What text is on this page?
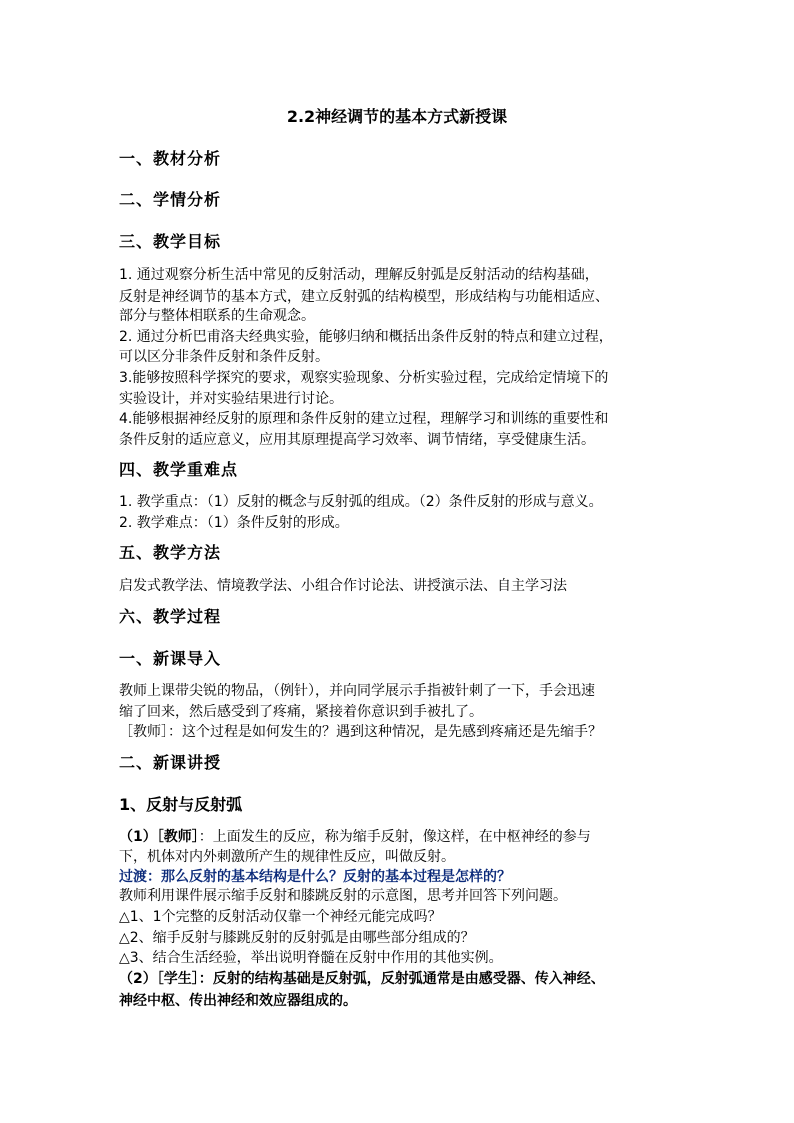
2.2神经调节的基本方式新授课
一、教材分析
二、学情分析
三、教学目标
1. 通过观察分析生活中常见的反射活动，理解反射弧是反射活动的结构基础，
反射是神经调节的基本方式，建立反射弧的结构模型，形成结构与功能相适应、
部分与整体相联系的生命观念。
2. 通过分析巴甫洛夫经典实验，能够归纳和概括出条件反射的特点和建立过程，
可以区分非条件反射和条件反射。
3.能够按照科学探究的要求，观察实验现象、分析实验过程，完成给定情境下的
实验设计，并对实验结果进行讨论。
4.能够根据神经反射的原理和条件反射的建立过程，理解学习和训练的重要性和
条件反射的适应意义，应用其原理提高学习效率、调节情绪，享受健康生活。
四、教学重难点
1. 教学重点：（1）反射的概念与反射弧的组成。（2）条件反射的形成与意义。
2. 教学难点：（1）条件反射的形成。
五、教学方法
启发式教学法、情境教学法、小组合作讨论法、讲授演示法、自主学习法
六、教学过程
一、新课导入
教师上课带尖锐的物品，（例针），并向同学展示手指被针刺了一下，手会迅速
缩了回来，然后感受到了疼痛，紧接着你意识到手被扎了。
［教师］：这个过程是如何发生的？遇到这种情况，是先感到疼痛还是先缩手？
二、新课讲授
1、反射与反射弧
（1）［教师］：上面发生的反应，称为缩手反射，像这样，在中枢神经的参与
下，机体对内外刺激所产生的规律性反应，叫做反射。
过渡：那么反射的基本结构是什么？反射的基本过程是怎样的？
教师利用课件展示缩手反射和膝跳反射的示意图，思考并回答下列问题。
△1、1个完整的反射活动仅靠一个神经元能完成吗？
△2、缩手反射与膝跳反射的反射弧是由哪些部分组成的？
△3、结合生活经验，举出说明脊髓在反射中作用的其他实例。
（2）［学生］：反射的结构基础是反射弧，反射弧通常是由感受器、传入神经、
神经中枢、传出神经和效应器组成的。
